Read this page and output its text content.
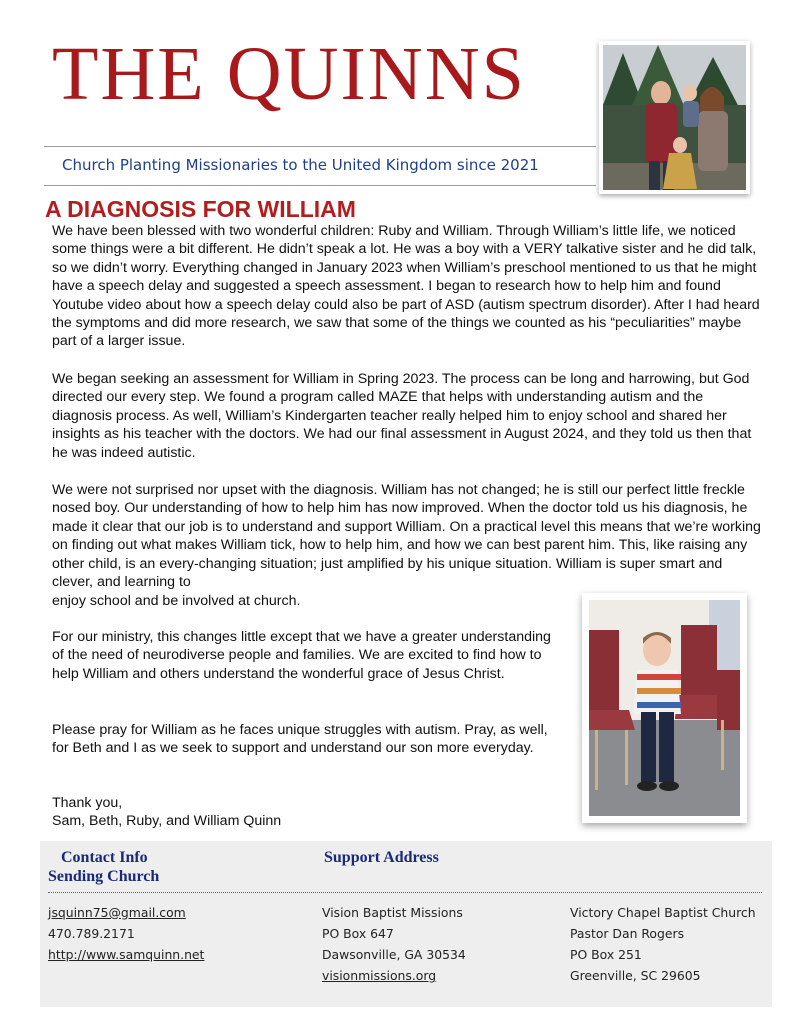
THE QUINNS
Church Planting Missionaries to the United Kingdom since 2021
A DIAGNOSIS FOR WILLIAM

We have been blessed with two wonderful children: Ruby and William. Through William’s little life, we noticed some things were a bit different. He didn’t speak a lot. He was a boy with a VERY talkative sister and he did talk, so we didn’t worry. Everything changed in January 2023 when William’s preschool mentioned to us that he might have a speech delay and suggested a speech assessment. I began to research how to help him and found Youtube video about how a speech delay could also be part of ASD (autism spectrum disorder). After I had heard the symptoms and did more research, we saw that some of the things we counted as his “peculiarities” maybe part of a larger issue.

We began seeking an assessment for William in Spring 2023. The process can be long and harrowing, but God directed our every step. We found a program called MAZE that helps with understanding autism and the diagnosis process. As well, William’s Kindergarten teacher really helped him to enjoy school and shared her insights as his teacher with the doctors. We had our final assessment in August 2024, and they told us then that he was indeed autistic.

We were not surprised nor upset with the diagnosis. William has not changed; he is still our perfect little freckle nosed boy. Our understanding of how to help him has now improved. When the doctor told us his diagnosis, he made it clear that our job is to understand and support William. On a practical level this means that we’re working on finding out what makes William tick, how to help him, and how we can best parent him. This, like raising any other child, is an every-changing situation; just amplified by his unique situation. William is super smart and clever, and learning to

enjoy school and be involved at church.

For our ministry, this changes little except that we have a greater understanding of the need of neurodiverse people and families. We are excited to find how to help William and others understand the wonderful grace of Jesus Christ.

Please pray for William as he faces unique struggles with autism. Pray, as well, for Beth and I as we seek to support and understand our son more everyday.

Thank you,

Sam, Beth, Ruby, and William Quinn

Contact Info
Sending Church
Support Address
jsquinn75@gmail.com
470.789.2171
http://www.samquinn.net
Vision Baptist Missions
PO Box 647
Dawsonville, GA 30534
visionmissions.org
Victory Chapel Baptist Church
Pastor Dan Rogers
PO Box 251
Greenville, SC 29605
